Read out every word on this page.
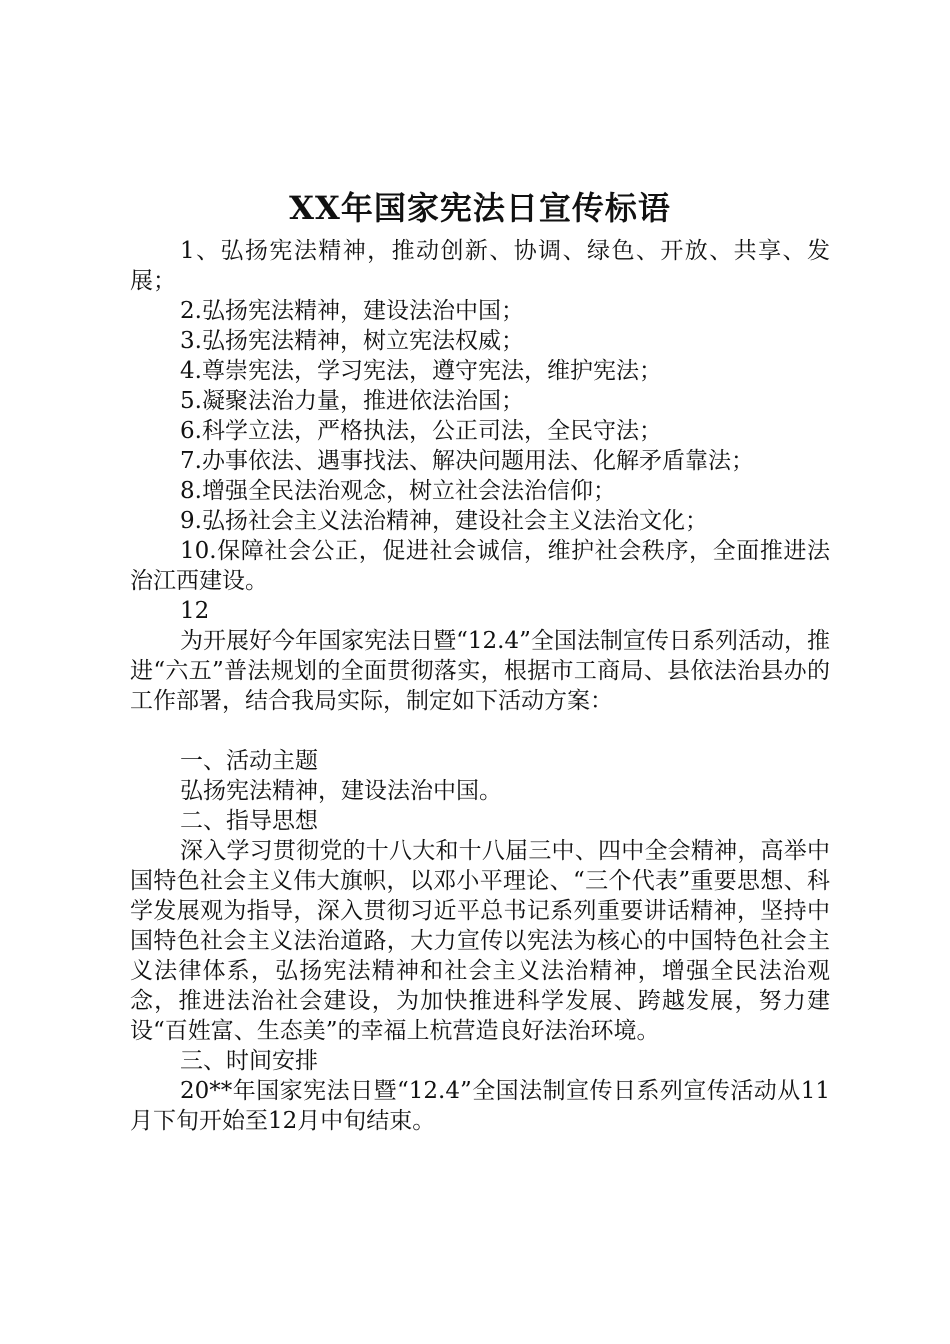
XX年国家宪法日宣传标语

1、弘扬宪法精神，推动创新、协调、绿色、开放、共享、发展；

2.弘扬宪法精神，建设法治中国；

3.弘扬宪法精神，树立宪法权威；

4.尊崇宪法，学习宪法，遵守宪法，维护宪法；

5.凝聚法治力量，推进依法治国；

6.科学立法，严格执法，公正司法，全民守法；

7.办事依法、遇事找法、解决问题用法、化解矛盾靠法；

8.增强全民法治观念，树立社会法治信仰；

9.弘扬社会主义法治精神，建设社会主义法治文化；

10.保障社会公正，促进社会诚信，维护社会秩序，全面推进法治江西建设。

12

为开展好今年国家宪法日暨“12.4”全国法制宣传日系列活动，推进“六五”普法规划的全面贯彻落实，根据市工商局、县依法治县办的工作部署，结合我局实际，制定如下活动方案：

一、活动主题

弘扬宪法精神，建设法治中国。

二、指导思想

深入学习贯彻党的十八大和十八届三中、四中全会精神，高举中国特色社会主义伟大旗帜，以邓小平理论、“三个代表”重要思想、科学发展观为指导，深入贯彻习近平总书记系列重要讲话精神，坚持中国特色社会主义法治道路，大力宣传以宪法为核心的中国特色社会主义法律体系，弘扬宪法精神和社会主义法治精神，增强全民法治观念，推进法治社会建设，为加快推进科学发展、跨越发展，努力建设“百姓富、生态美”的幸福上杭营造良好法治环境。

三、时间安排

20**年国家宪法日暨“12.4”全国法制宣传日系列宣传活动从11月下旬开始至12月中旬结束。
